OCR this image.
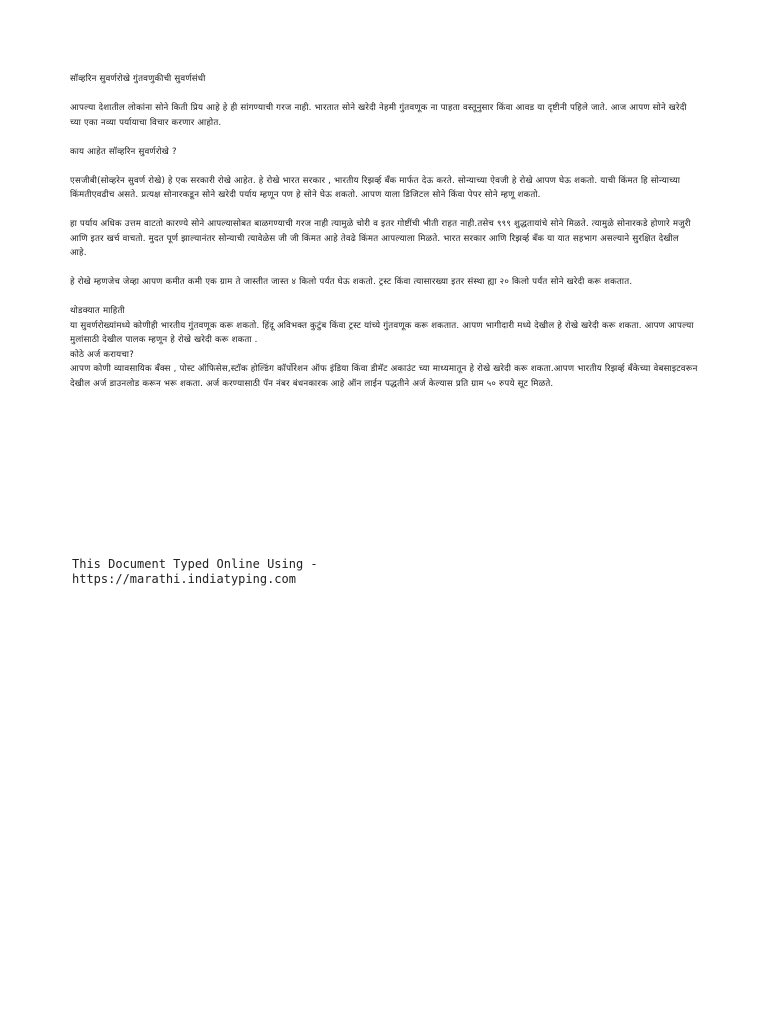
सॉव्हरिन सुवर्णरोखे गुंतवणुकीची सुवर्णसंधी

आपल्या देशातील लोकांना सोने किती प्रिय आहे हे ही सांगण्याची गरज नाही. भारतात सोने खरेदी नेहमी गुंतवणूक ना पाहता वस्तूनुसार किंवा आवड या दृष्टीनी पहिले जाते. आज आपण सोने खरेदी च्या एका नव्या पर्यायाचा विचार करणार आहोत.

काय आहेत सॉव्हरिन सुवर्णरोखे ?

एसजीबी(सोव्हरेन सुवर्ण रोखे) हे एक सरकारी रोखे आहेत. हे रोखे भारत सरकार , भारतीय रिझर्व्ह बँक मार्फत देऊ करते. सोन्याच्या ऐवजी हे रोखे आपण घेऊ शकतो. याची किंमत हि सोन्याच्या किंमतीएवढीच असते. प्रत्यक्ष सोनारकडून सोने खरेदी पर्याय म्हणून पण हे सोने घेऊ शकतो. आपण याला डिजिटल सोने किंवा पेपर सोने म्हणू शकतो.

हा पर्याय अधिक उत्तम वाटतो कारण्ये सोने आपल्यासोबत बाळगण्याची गरज नाही त्यामुळे चोरी व इतर गोष्टींची भीती राहत नाही.तसेच ९९९ शुद्धतायांचे सोने मिळते. त्यामुळे सोनारकडे होणारे मजुरी आणि इतर खर्च वाचतो. मुदत पूर्ण झाल्यानंतर सोन्याची त्यावेळेस जी जी किंमत आहे तेवढे किंमत आपल्याला मिळते. भारत सरकार आणि रिझर्व्ह बँक या यात सहभाग असल्याने सुरक्षित देखील आहे.

हे रोखे म्हणजेच जेव्हा आपण कमीत कमी एक ग्राम ते जास्तीत जास्त ४ किलो पर्यंत घेऊ शकतो. ट्रस्ट किंवा त्यासारख्या इतर संस्था ह्या २० किलो पर्यंत सोने खरेदी करू शकतात.

थोडक्यात माहिती

या सुवर्णरोख्यांमध्ये कोणीही भारतीय गुंतवणूक करू शकतो. हिंदू अविभक्त कुटुंब किंवा ट्रस्ट यांच्ये गुंतवणूक करू शकतात. आपण भागीदारी मध्ये देखील हे रोखे खरेदी करू शकता. आपण आपल्या मुलांसाठी देखील पालक म्हणून हे रोखे खरेदी करू शकता .

कोठे अर्ज करायचा?

आपण कोणी व्यावसायिक बँक्स , पोस्ट ऑफिसेस,स्टॉक होल्डिंग कॉर्पोरेशन ऑफ इंडिया किंवा डीमॅट अकाउंट च्या माध्यमातून हे रोखे खरेदी करू शकता.आपण भारतीय रिझर्व्ह बँकेच्या वेबसाइटवरून देखील अर्ज डाउनलोड करून भरू शकता. अर्ज करण्यासाठी पॅन नंबर बंधनकारक आहे ऑन लाईन पद्धतीने अर्ज केल्यास प्रति ग्राम ५० रुपये सूट मिळते.

This Document Typed Online Using -

https://marathi.indiatyping.com
